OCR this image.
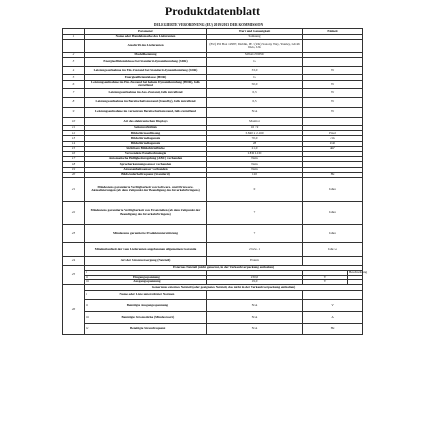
Produktdatenblatt
DELEGIERTE VERORDNUNG (EU) 2019/2013 DER KOMMISSION
	Parameter	Wert und Genauigkeit	Einheit	
1	Name oder Handelsmarke des Lieferanten	Samsung		
	Anschrift des Lieferanten	(EU) PO Box 12987, Dublin, IE / (UK) Saxony Way, Yateley, GU46 6GG, UK		
2	Modellkennung	S28AG700NU		
3	Energieeffizienzklasse bei Standard-dynamikumfang (SDR)	G		
4	Leistungsaufnahme im Ein-Zustand bei Standard-dynamikumfang (SDR)	33,0	W	
5	Energieeffizienzklasse (HDR)	G		
6	Leistungsaufnahme im Ein-Zustand bei hohem Dynamikumfang (HDR), falls zutreffend	50,0	W	
7	Leistungsaufnahme im Aus-Zustand, falls zutreffend	0,3	W	
8	Leistungsaufnahme im Bereitschaftszustand (Standby), falls zutreffend	0,5	W	
9	Leistungsaufnahme im vernetzten Bereitschaftszustand, falls zutreffend	N/A	W	
10	Art des elektronischen Displays	Monitor		
11	Seitenverhältnis	16 : 9		
12	Bildschirmauflösung	3.840 x 2.160	Pixel	
13	Bildschirmdiagonale	70,0	cm	
14	Bildschirmdiagonale	28	Zoll	
15	Sichtbare Bildschirmfläche	21,0	dm²	
16	Verwendete Paneltechnologie	LED LCD		
17	Automatische Helligkeitsregelung (ABC) vorhanden	Nein		
18	Spracherkennungssensor vorhanden	Nein		
19	Anwesenheitssensor vorhanden	Nein		
20	Bildwiederholfrequenz (Standard)	120	Hz	
21	Mindestens garantierte Verfügbarkeit von Software- und Firmware-Aktualisierungen (ab dem Zeitpunkt der Beendigung des Inverkehrbringens)	0	Jahre	
22	Mindestens garantierte Verfügbarkeit von Ersatzteilen (ab dem Zeitpunkt der Beendigung des Inverkehrbringens)	7	Jahre	
23	Mindestens garantierte Produktunterstützung	7	Jahre	
	Mindestlaufzeit der vom Lieferanten angebotenen allgemeinen Garantie	2 bzw. 1	Jahr/-e	
24	Art der Stromversorgung (Netzteil)	Extern		
25	Externes Netzteil (nicht genormt, in der Verkaufsverpackung enthalten)			

	i			Beschreibung

	ii Eingangsspannung	230,0	V	

	iii Ausgangsspannung	19,0	V	
26	Genormtes externes Netzteil (oder geeignetes Netzteil, das nicht in der Verkaufsverpackung enthalten)			

	i Name oder Liste unterstützter Normen			

	ii Benötigte Ausgangsspannung	N/A	V	

	iii Benötigte Stromstärke (Mindestwert)	N/A	A	

	iv Benötigte Stromfrequenz	N/A	Hz	
